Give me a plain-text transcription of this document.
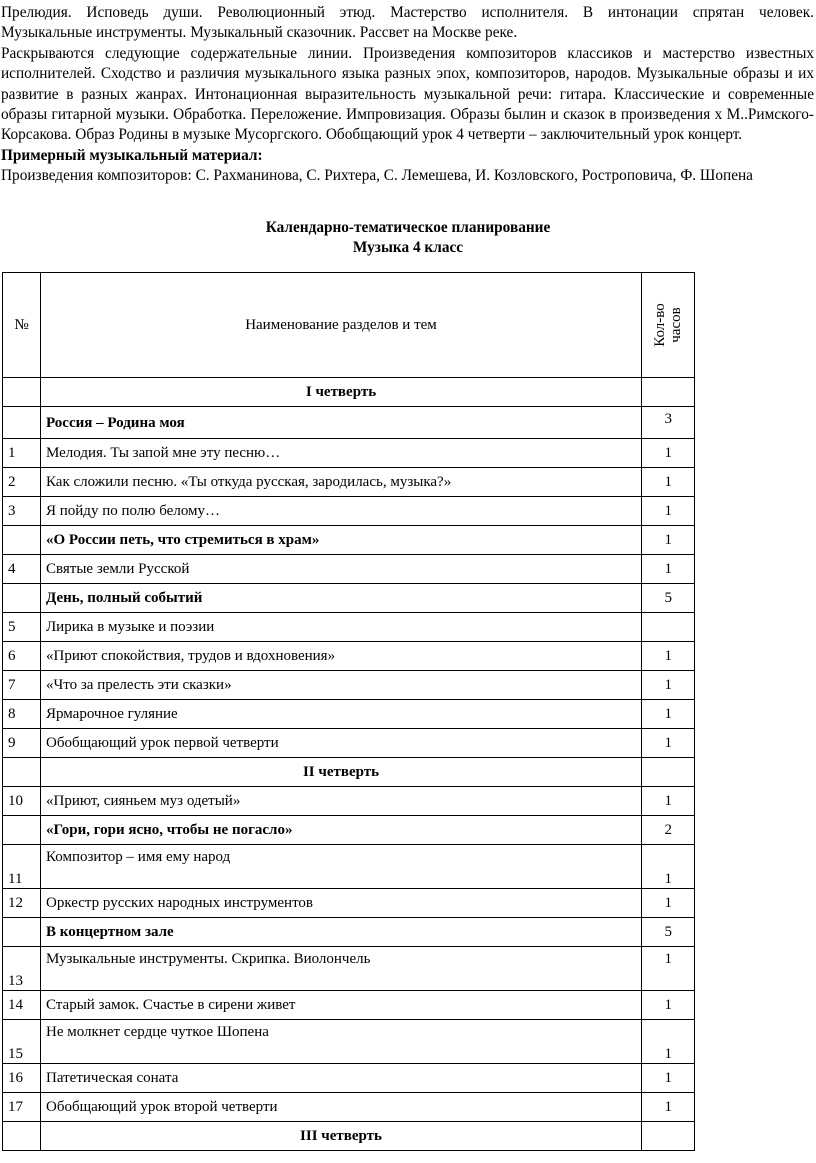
Прелюдия. Исповедь души. Революционный этюд. Мастерство исполнителя. В интонации спрятан человек.

Музыкальные инструменты. Музыкальный сказочник. Рассвет на Москве реке.

Раскрываются следующие содержательные линии. Произведения композиторов классиков и мастерство известных исполнителей. Сходство и различия музыкального языка разных эпох, композиторов, народов. Музыкальные образы и их развитие в разных жанрах. Интонационная выразительность музыкальной речи: гитара. Классические и современные образы гитарной музыки. Обработка. Переложение. Импровизация. Образы былин и сказок в произведения х М..Римского-Корсакова. Образ Родины в музыке Мусоргского. Обобщающий урок 4 четверти – заключительный урок концерт.

Примерный музыкальный материал:

Произведения композиторов: С. Рахманинова, С. Рихтера, С. Лемешева, И. Козловского, Ростроповича, Ф. Шопена

Календарно-тематическое планирование
Музыка 4 класс
№	Наименование разделов и тем	Кол-во
часов

	I четверть	
	Россия – Родина моя	3
1	Мелодия. Ты запой мне эту песню…	1
2	Как сложили песню. «Ты откуда русская, зародилась, музыка?»	1
3	Я пойду по полю белому…	1
	«О России петь, что стремиться в храм»	1
4	Святые земли Русской	1
	День, полный событий	5
5	Лирика в музыке и поэзии	
6	«Приют спокойствия, трудов и вдохновения»	1
7	«Что за прелесть эти сказки»	1
8	Ярмарочное гуляние	1
9	Обобщающий урок первой четверти	1
	II четверть	
10	«Приют, сияньем муз одетый»	1
	«Гори, гори ясно, чтобы не погасло»	2
11	Композитор – имя ему народ	1
12	Оркестр русских народных инструментов	1
	В концертном зале	5
13	Музыкальные инструменты. Скрипка. Виолончель	1
14	Старый замок. Счастье в сирени живет	1
15	Не молкнет сердце чуткое Шопена	1
16	Патетическая соната	1
17	Обобщающий урок второй четверти	1
	III четверть	
